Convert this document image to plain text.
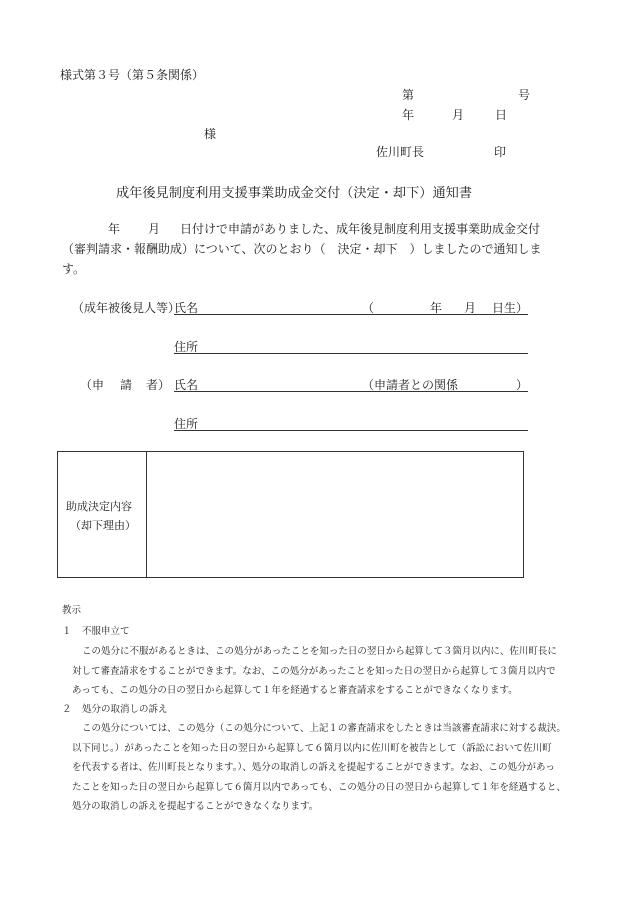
様式第３号（第５条関係）
第	号
年	月	日
様
佐川町長	印
成年後見制度利用支援事業助成金交付（決定・却下）通知書
年 月 日付けで申請がありました、成年後見制度利用支援事業助成金交付
（審判請求・報酬助成）について、次のとおり（　決定・却下　）しましたので通知しま
す。
（成年被後見人等）
氏名	（	年 月 日生）
住所
（申 請 者） 氏名	（申請者との関係	）
住所
助成決定内容
（却下理由）
教示
１ 不服申立て
この処分に不服があるときは、この処分があったことを知った日の翌日から起算して３箇月以内に、佐川町長に
対して審査請求をすることができます。なお、この処分があったことを知った日の翌日から起算して３箇月以内で
あっても、この処分の日の翌日から起算して１年を経過すると審査請求をすることができなくなります。
２ 処分の取消しの訴え
この処分については、この処分（この処分について、上記１の審査請求をしたときは当該審査請求に対する裁決。
以下同じ。）があったことを知った日の翌日から起算して６箇月以内に佐川町を被告として（訴訟において佐川町
を代表する者は、佐川町長となります。）、処分の取消しの訴えを提起することができます。なお、この処分があっ
たことを知った日の翌日から起算して６箇月以内であっても、この処分の日の翌日から起算して１年を経過すると、
処分の取消しの訴えを提起することができなくなります。
